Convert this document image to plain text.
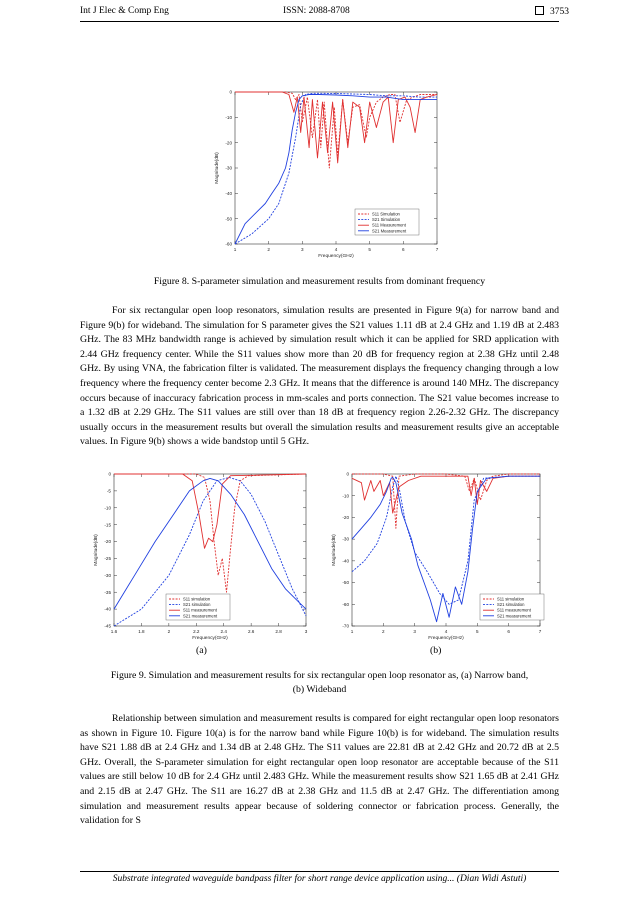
Int J Elec & Comp Eng	ISSN: 2088-8708	3753
1	2	3	4	5	6	7
0
-10
-20
-30
-40
-50
-60
Frequency(GHz)
Magnitude(dB)
S11 Simulation
S21 Simulation
S11 Measurement
S21 Measurement

Figure 8. S-parameter simulation and measurement results from dominant frequency

For six rectangular open loop resonators, simulation results are presented in Figure 9(a) for narrow band and Figure 9(b) for wideband. The simulation for S parameter gives the S21 values 1.11 dB at 2.4 GHz and 1.19 dB at 2.483 GHz. The 83 MHz bandwidth range is achieved by simulation result which it can be applied for SRD application with 2.44 GHz frequency center. While the S11 values show more than 20 dB for frequency region at 2.38 GHz until 2.48 GHz. By using VNA, the fabrication filter is validated. The measurement displays the frequency changing through a low frequency where the frequency center become 2.3 GHz. It means that the difference is around 140 MHz. The discrepancy occurs because of inaccuracy fabrication process in mm-scales and ports connection. The S21 value becomes increase to a 1.32 dB at 2.29 GHz. The S11 values are still over than 18 dB at frequency region 2.26-2.32 GHz. The discrepancy usually occurs in the measurement results but overall the simulation results and measurement results give an acceptable values. In Figure 9(b) shows a wide bandstop until 5 GHz.

1.6	1.8	2	2.2	2.4	2.6	2.8	3
0
-5
-10
-15
-20
-25
-30
-35
-40
-45
Frequency(GHz)
Magnitude(dB)
S11 simulation
S21 simulation
S11 measurement
S21 measurement
1	2	3	4	5	6	7
0
-10
-20
-30
-40
-50
-60
-70
Frequency(GHz)
Magnitude(dB)
S11 simulation
S21 simulation
S11 measurement
S21 measurement
(a)	(b)

Figure 9. Simulation and measurement results for six rectangular open loop resonator as, (a) Narrow band,

(b) Wideband

Relationship between simulation and measurement results is compared for eight rectangular open loop resonators as shown in Figure 10. Figure 10(a) is for the narrow band while Figure 10(b) is for wideband. The simulation results have S21 1.88 dB at 2.4 GHz and 1.34 dB at 2.48 GHz. The S11 values are 22.81 dB at 2.42 GHz and 20.72 dB at 2.5 GHz. Overall, the S-parameter simulation for eight rectangular open loop resonator are acceptable because of the S11 values are still below 10 dB for 2.4 GHz until 2.483 GHz. While the measurement results show S21 1.65 dB at 2.41 GHz and 2.15 dB at 2.47 GHz. The S11 are 16.27 dB at 2.38 GHz and 11.5 dB at 2.47 GHz. The differentiation among simulation and measurement results appear because of soldering connector or fabrication process. Generally, the validation for S

Substrate integrated waveguide bandpass filter for short range device application using... (Dian Widi Astuti)
